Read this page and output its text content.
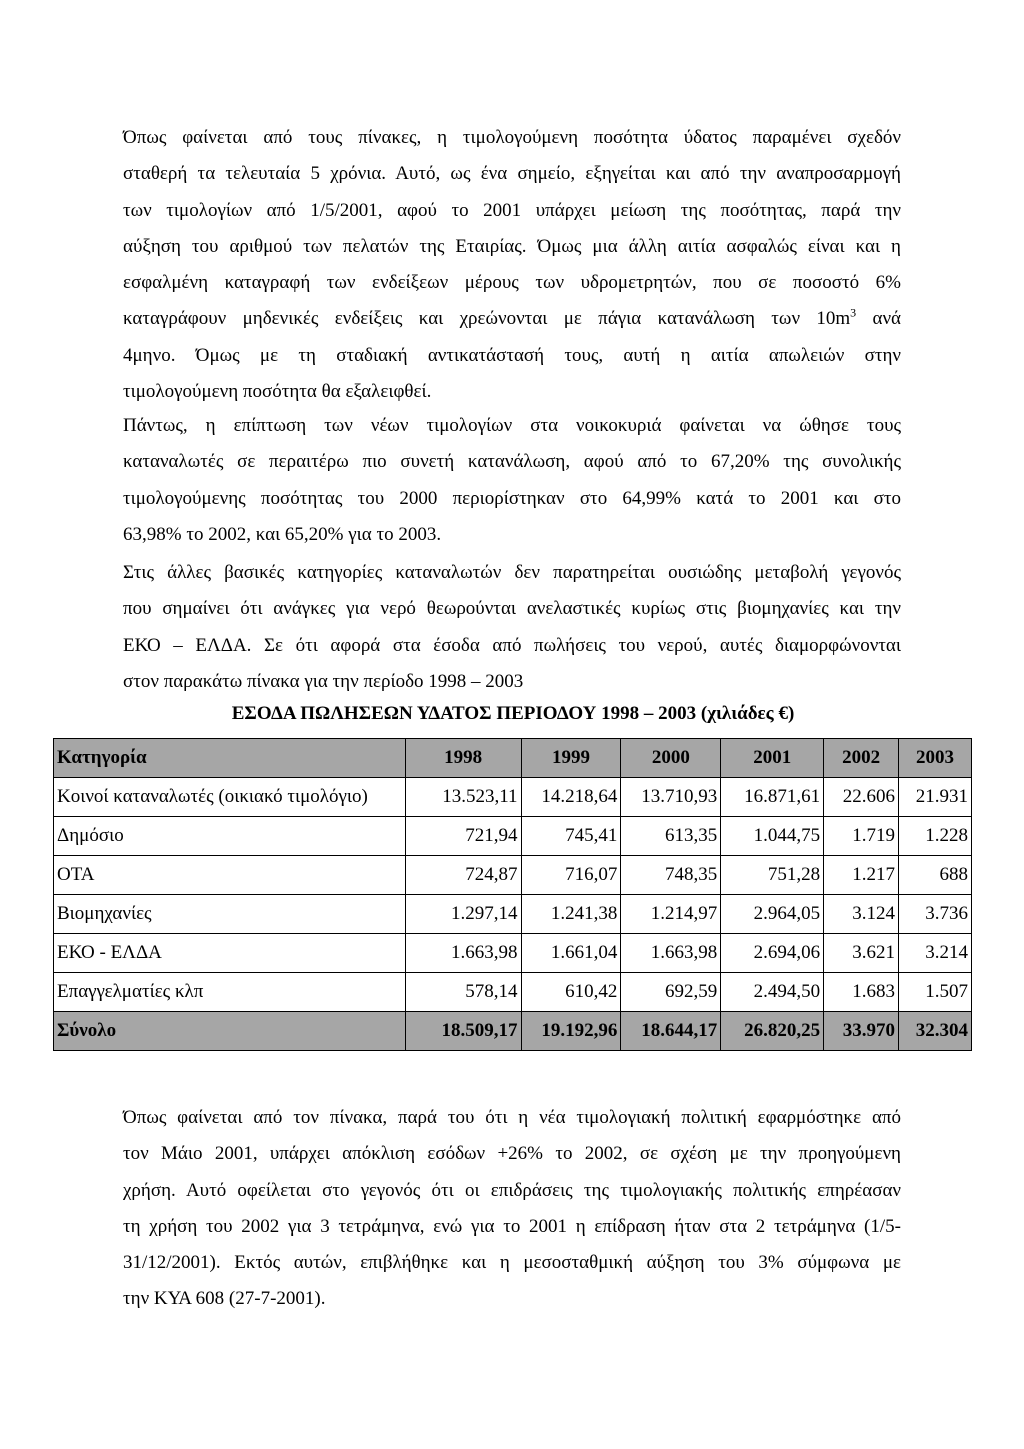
Όπως φαίνεται από τους πίνακες, η τιμολογούμενη ποσότητα ύδατος παραμένει σχεδόν
σταθερή τα τελευταία 5 χρόνια. Αυτό, ως ένα σημείο, εξηγείται και από την αναπροσαρμογή
των τιμολογίων από 1/5/2001, αφού το 2001 υπάρχει μείωση της ποσότητας, παρά την
αύξηση του αριθμού των πελατών της Εταιρίας. Όμως μια άλλη αιτία ασφαλώς είναι και η
εσφαλμένη καταγραφή των ενδείξεων μέρους των υδρομετρητών, που σε ποσοστό 6%
καταγράφουν μηδενικές ενδείξεις και χρεώνονται με πάγια κατανάλωση των $10m^3$ ανά
4μηνο. Όμως με τη σταδιακή αντικατάστασή τους, αυτή η αιτία απωλειών στην
τιμολογούμενη ποσότητα θα εξαλειφθεί.
Πάντως, η επίπτωση των νέων τιμολογίων στα νοικοκυριά φαίνεται να ώθησε τους
καταναλωτές σε περαιτέρω πιο συνετή κατανάλωση, αφού από το 67,20% της συνολικής
τιμολογούμενης ποσότητας του 2000 περιορίστηκαν στο 64,99% κατά το 2001 και στο
63,98% το 2002, και 65,20% για το 2003.
Στις άλλες βασικές κατηγορίες καταναλωτών δεν παρατηρείται ουσιώδης μεταβολή γεγονός
που σημαίνει ότι ανάγκες για νερό θεωρούνται ανελαστικές κυρίως στις βιομηχανίες και την
ΕΚΟ – ΕΛΔΑ. Σε ότι αφορά στα έσοδα από πωλήσεις του νερού, αυτές διαμορφώνονται
στον παρακάτω πίνακα για την περίοδο 1998 – 2003

ΕΣΟΔΑ ΠΩΛΗΣΕΩΝ ΥΔΑΤΟΣ ΠΕΡΙΟΔΟΥ 1998 – 2003 (χιλιάδες €)

Κατηγορία	1998	1999	2000	2001	2002	2003
Κοινοί καταναλωτές (οικιακό τιμολόγιο)	13.523,11	14.218,64	13.710,93	16.871,61	22.606	21.931
Δημόσιο	721,94	745,41	613,35	1.044,75	1.719	1.228
ΟΤΑ	724,87	716,07	748,35	751,28	1.217	688
Βιομηχανίες	1.297,14	1.241,38	1.214,97	2.964,05	3.124	3.736
ΕΚΟ - ΕΛΔΑ	1.663,98	1.661,04	1.663,98	2.694,06	3.621	3.214
Επαγγελματίες κλπ	578,14	610,42	692,59	2.494,50	1.683	1.507
Σύνολο	18.509,17	19.192,96	18.644,17	26.820,25	33.970	32.304
Όπως φαίνεται από τον πίνακα, παρά του ότι η νέα τιμολογιακή πολιτική εφαρμόστηκε από
τον Μάιο 2001, υπάρχει απόκλιση εσόδων +26% το 2002, σε σχέση με την προηγούμενη
χρήση. Αυτό οφείλεται στο γεγονός ότι οι επιδράσεις της τιμολογιακής πολιτικής επηρέασαν
τη χρήση του 2002 για 3 τετράμηνα, ενώ για το 2001 η επίδραση ήταν στα 2 τετράμηνα (1/5-
31/12/2001). Εκτός αυτών, επιβλήθηκε και η μεσοσταθμική αύξηση του 3% σύμφωνα με
την ΚΥΑ 608 (27-7-2001).
